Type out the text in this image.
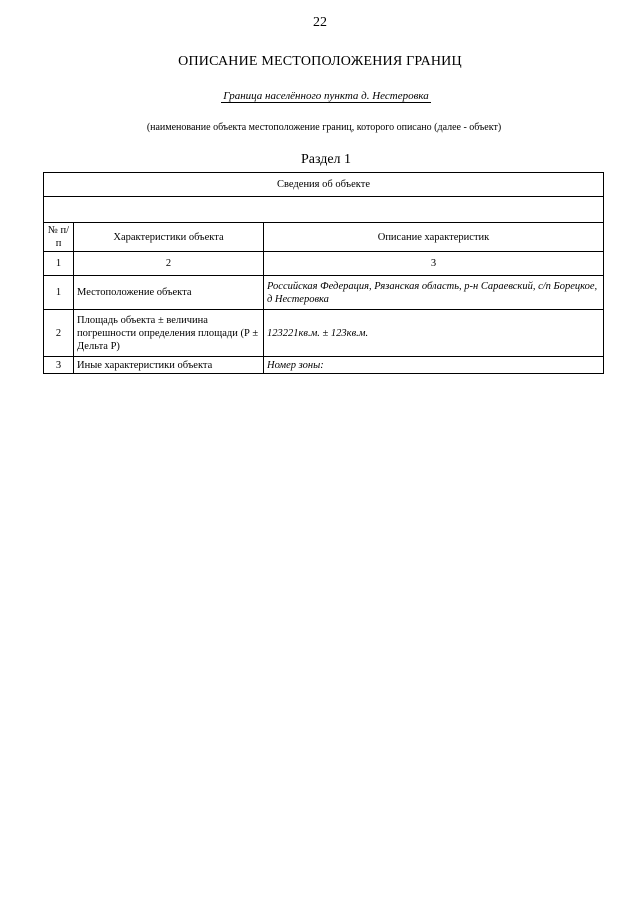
22
ОПИСАНИЕ МЕСТОПОЛОЖЕНИЯ ГРАНИЦ
Граница населённого пункта д. Нестеровка
(наименование объекта местоположение границ, которого описано (далее - объект)
Раздел 1
Сведения об объекте		

№ п/п	Характеристики объекта	Описание характеристик
1	2	3
1	Местоположение объекта	Российская Федерация, Рязанская область, р-н Сараевский, с/п Борецкое, д Нестеровка
2	Площадь объекта ± величина погрешности определения площади (Р ± Дельта Р)	123221кв.м. ± 123кв.м.
3	Иные характеристики объекта	Номер зоны:
